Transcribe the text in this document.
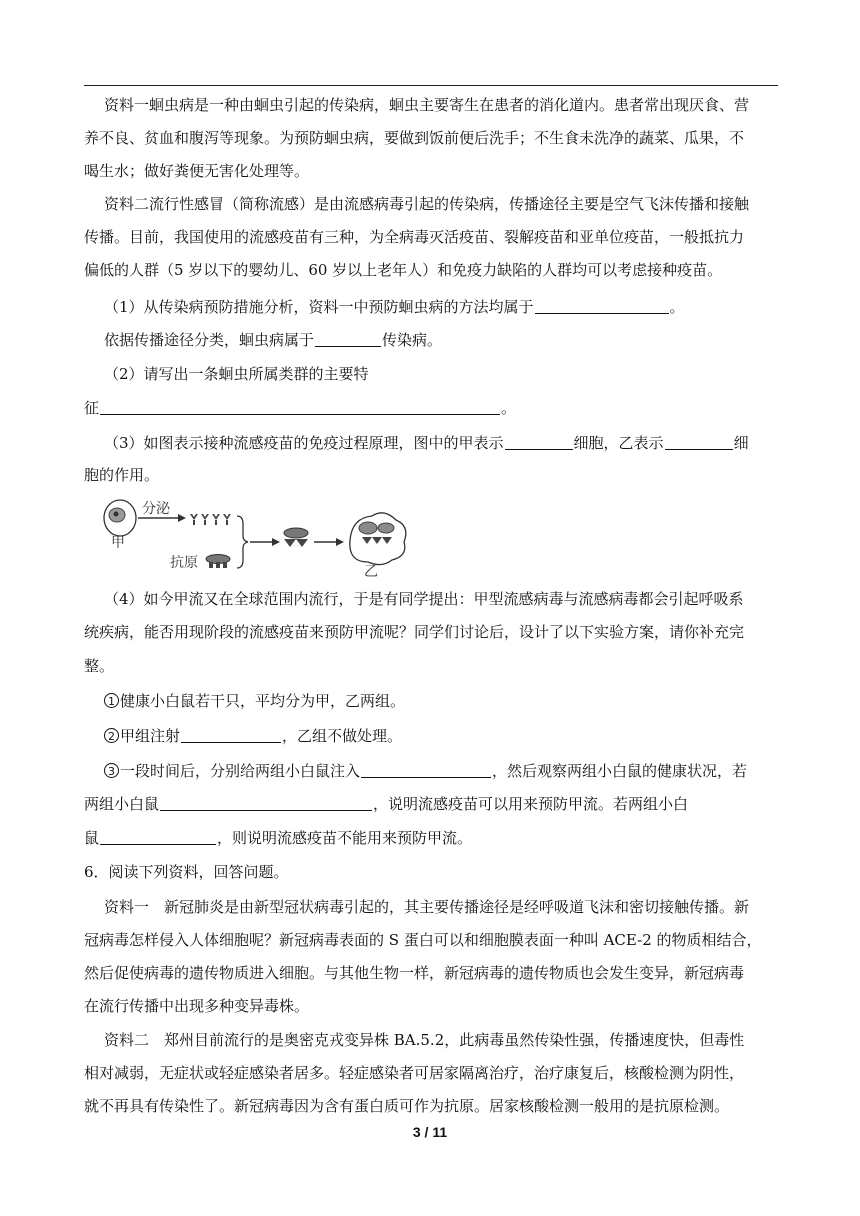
资料一蛔虫病是一种由蛔虫引起的传染病，蛔虫主要寄生在患者的消化道内。患者常出现厌食、营
养不良、贫血和腹泻等现象。为预防蛔虫病，要做到饭前便后洗手；不生食未洗净的蔬菜、瓜果，不
喝生水；做好粪便无害化处理等。
资料二流行性感冒（简称流感）是由流感病毒引起的传染病，传播途径主要是空气飞沫传播和接触
传播。目前，我国使用的流感疫苗有三种，为全病毒灭活疫苗、裂解疫苗和亚单位疫苗，一般抵抗力
偏低的人群（5 岁以下的婴幼儿、60 岁以上老年人）和免疫力缺陷的人群均可以考虑接种疫苗。
（1）从传染病预防措施分析，资料一中预防蛔虫病的方法均属于	。
依据传播途径分类，蛔虫病属于	传染病。
（2）请写出一条蛔虫所属类群的主要特
征	。
（3）如图表示接种流感疫苗的免疫过程原理，图中的甲表示	细胞，乙表示	细
胞的作用。
甲
分泌
抗原
乙
（4）如今甲流又在全球范围内流行，于是有同学提出：甲型流感病毒与流感病毒都会引起呼吸系
统疾病，能否用现阶段的流感疫苗来预防甲流呢？同学们讨论后，设计了以下实验方案，请你补充完
整。
1 健康小白鼠若干只，平均分为甲，乙两组。
2 甲组注射	，乙组不做处理。
3 一段时间后，分别给两组小白鼠注入	，然后观察两组小白鼠的健康状况，若
两组小白鼠	，说明流感疫苗可以用来预防甲流。若两组小白
鼠	，则说明流感疫苗不能用来预防甲流。
6．阅读下列资料，回答问题。
资料一　新冠肺炎是由新型冠状病毒引起的，其主要传播途径是经呼吸道飞沫和密切接触传播。新
冠病毒怎样侵入人体细胞呢？新冠病毒表面的 S 蛋白可以和细胞膜表面一种叫 ACE-2 的物质相结合，
然后促使病毒的遗传物质进入细胞。与其他生物一样，新冠病毒的遗传物质也会发生变异，新冠病毒
在流行传播中出现多种变异毒株。
资料二　郑州目前流行的是奥密克戎变异株 BA.5.2，此病毒虽然传染性强，传播速度快，但毒性
相对减弱，无症状或轻症感染者居多。轻症感染者可居家隔离治疗，治疗康复后，核酸检测为阴性，
就不再具有传染性了。新冠病毒因为含有蛋白质可作为抗原。居家核酸检测一般用的是抗原检测。
3 / 11
